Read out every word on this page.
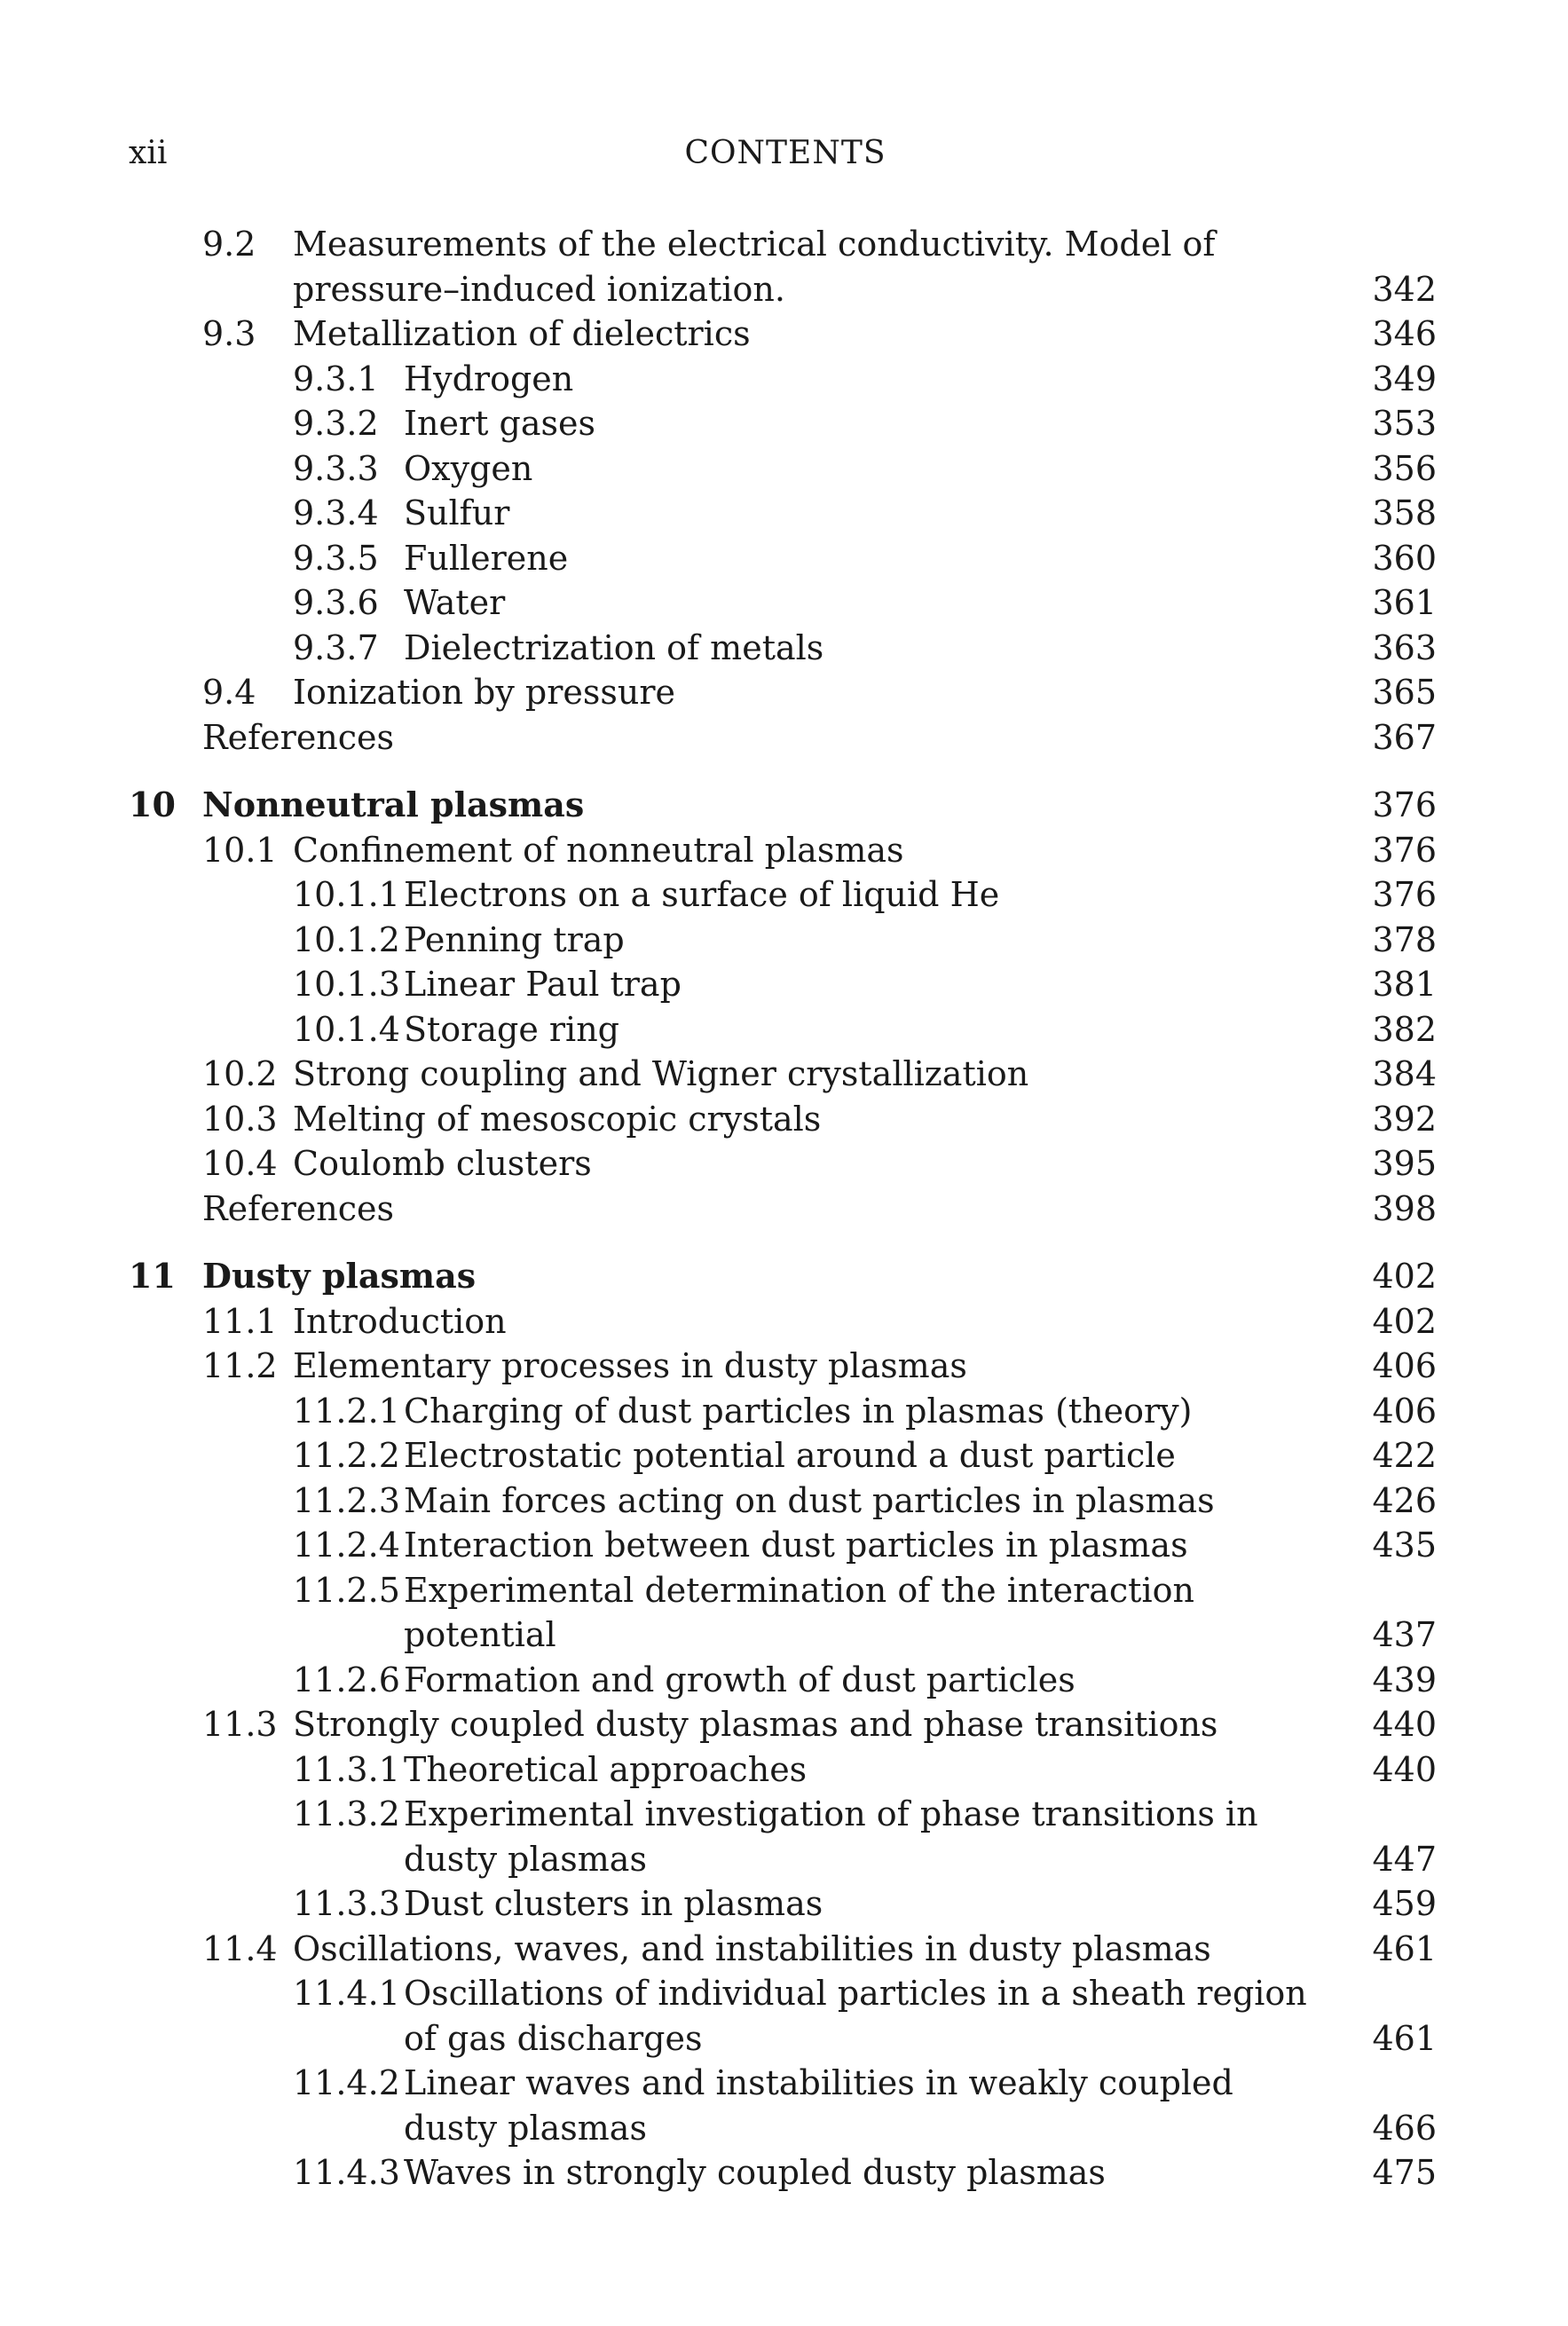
xii	CONTENTS
9.2 Measurements of the electrical conductivity. Model of
pressure–induced ionization.	342
9.3 Metallization of dielectrics	346
9.3.1 Hydrogen	349
9.3.2 Inert gases	353
9.3.3 Oxygen	356
9.3.4 Sulfur	358
9.3.5 Fullerene	360
9.3.6 Water	361
9.3.7 Dielectrization of metals	363
9.4 Ionization by pressure	365
References	367
10 Nonneutral plasmas	376
10.1 Confinement of nonneutral plasmas	376
10.1.1 Electrons on a surface of liquid He	376
10.1.2 Penning trap	378
10.1.3 Linear Paul trap	381
10.1.4 Storage ring	382
10.2 Strong coupling and Wigner crystallization	384
10.3 Melting of mesoscopic crystals	392
10.4 Coulomb clusters	395
References	398
11 Dusty plasmas	402
11.1 Introduction	402
11.2 Elementary processes in dusty plasmas	406
11.2.1 Charging of dust particles in plasmas (theory)	406
11.2.2 Electrostatic potential around a dust particle	422
11.2.3 Main forces acting on dust particles in plasmas	426
11.2.4 Interaction between dust particles in plasmas	435
11.2.5 Experimental determination of the interaction
potential	437
11.2.6 Formation and growth of dust particles	439
11.3 Strongly coupled dusty plasmas and phase transitions	440
11.3.1 Theoretical approaches	440
11.3.2 Experimental investigation of phase transitions in
dusty plasmas	447
11.3.3 Dust clusters in plasmas	459
11.4 Oscillations, waves, and instabilities in dusty plasmas	461
11.4.1 Oscillations of individual particles in a sheath region
of gas discharges	461
11.4.2 Linear waves and instabilities in weakly coupled
dusty plasmas	466
11.4.3 Waves in strongly coupled dusty plasmas	475
